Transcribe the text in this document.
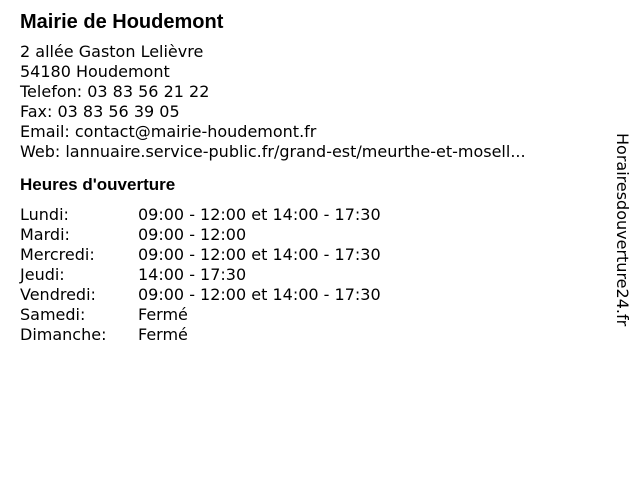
Mairie de Houdemont
2 allée Gaston Lelièvre
54180 Houdemont
Telefon: 03 83 56 21 22
Fax: 03 83 56 39 05
Email: contact@mairie-houdemont.fr
Web: lannuaire.service-public.fr/grand-est/meurthe-et-mosell...
Heures d'ouverture
Lundi:	09:00 - 12:00 et 14:00 - 17:30
Mardi:	09:00 - 12:00
Mercredi:	09:00 - 12:00 et 14:00 - 17:30
Jeudi:	14:00 - 17:30
Vendredi:	09:00 - 12:00 et 14:00 - 17:30
Samedi:	Fermé
Dimanche:	Fermé
Horairesdouverture24.fr
